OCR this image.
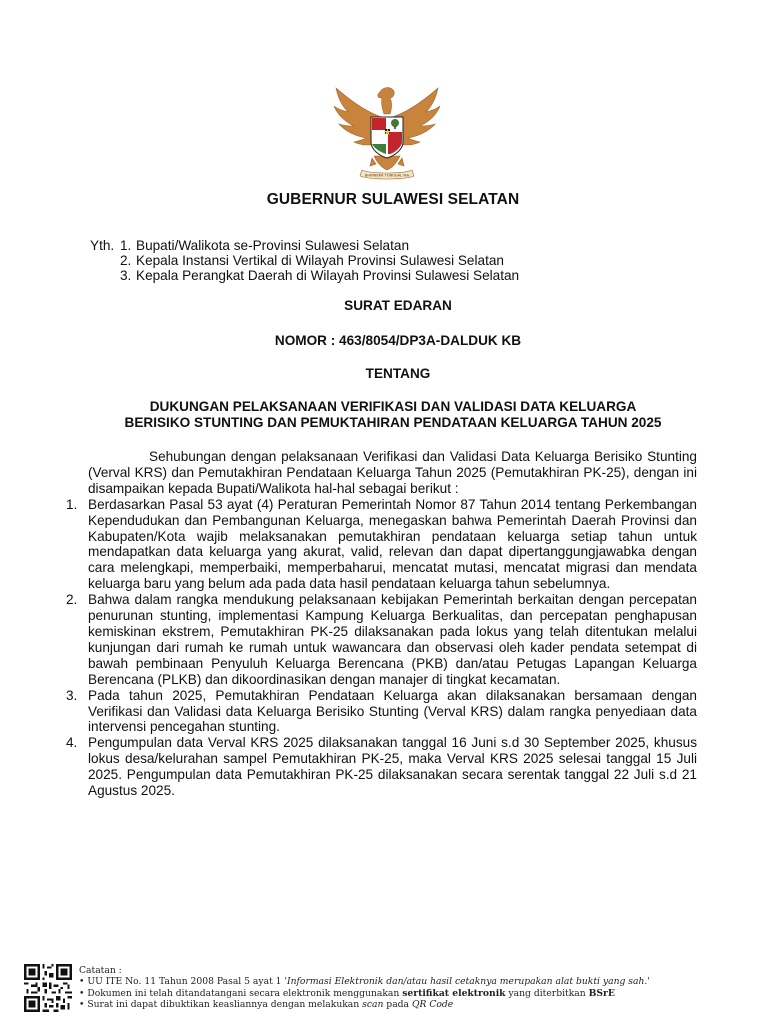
BHINNEKA TUNGGAL IKA
GUBERNUR SULAWESI SELATAN
Yth. 1. Bupati/Walikota se-Provinsi Sulawesi Selatan
2. Kepala Instansi Vertikal di Wilayah Provinsi Sulawesi Selatan
3. Kepala Perangkat Daerah di Wilayah Provinsi Sulawesi Selatan
SURAT EDARAN
NOMOR : 463/8054/DP3A-DALDUK KB
TENTANG
DUKUNGAN PELAKSANAAN VERIFIKASI DAN VALIDASI DATA KELUARGA
BERISIKO STUNTING DAN PEMUKTAHIRAN PENDATAAN KELUARGA TAHUN 2025

Sehubungan dengan pelaksanaan Verifikasi dan Validasi Data Keluarga Berisiko Stunting (Verval KRS) dan Pemutakhiran Pendataan Keluarga Tahun 2025 (Pemutakhiran PK-25), dengan ini disampaikan kepada Bupati/Walikota hal-hal sebagai berikut :

1. Berdasarkan Pasal 53 ayat (4) Peraturan Pemerintah Nomor 87 Tahun 2014 tentang Perkembangan Kependudukan dan Pembangunan Keluarga, menegaskan bahwa Pemerintah Daerah Provinsi dan Kabupaten/Kota wajib melaksanakan pemutakhiran pendataan keluarga setiap tahun untuk mendapatkan data keluarga yang akurat, valid, relevan dan dapat dipertanggungjawabka dengan cara melengkapi, memperbaiki, memperbaharui, mencatat mutasi, mencatat migrasi dan mendata keluarga baru yang belum ada pada data hasil pendataan keluarga tahun sebelumnya.
2. Bahwa dalam rangka mendukung pelaksanaan kebijakan Pemerintah berkaitan dengan percepatan penurunan stunting, implementasi Kampung Keluarga Berkualitas, dan percepatan penghapusan kemiskinan ekstrem, Pemutakhiran PK-25 dilaksanakan pada lokus yang telah ditentukan melalui kunjungan dari rumah ke rumah untuk wawancara dan observasi oleh kader pendata setempat di bawah pembinaan Penyuluh Keluarga Berencana (PKB) dan/atau Petugas Lapangan Keluarga Berencana (PLKB) dan dikoordinasikan dengan manajer di tingkat kecamatan.
3. Pada tahun 2025, Pemutakhiran Pendataan Keluarga akan dilaksanakan bersamaan dengan Verifikasi dan Validasi data Keluarga Berisiko Stunting (Verval KRS) dalam rangka penyediaan data intervensi pencegahan stunting.
4. Pengumpulan data Verval KRS 2025 dilaksanakan tanggal 16 Juni s.d 30 September 2025, khusus lokus desa/kelurahan sampel Pemutakhiran PK-25, maka Verval KRS 2025 selesai tanggal 15 Juli 2025. Pengumpulan data Pemutakhiran PK-25 dilaksanakan secara serentak tanggal 22 Juli s.d 21 Agustus 2025.
Catatan :
• UU ITE No. 11 Tahun 2008 Pasal 5 ayat 1 'Informasi Elektronik dan/atau hasil cetaknya merupakan alat bukti yang sah.'
• Dokumen ini telah ditandatangani secara elektronik menggunakan sertifikat elektronik yang diterbitkan BSrE
• Surat ini dapat dibuktikan keasliannya dengan melakukan scan pada QR Code
